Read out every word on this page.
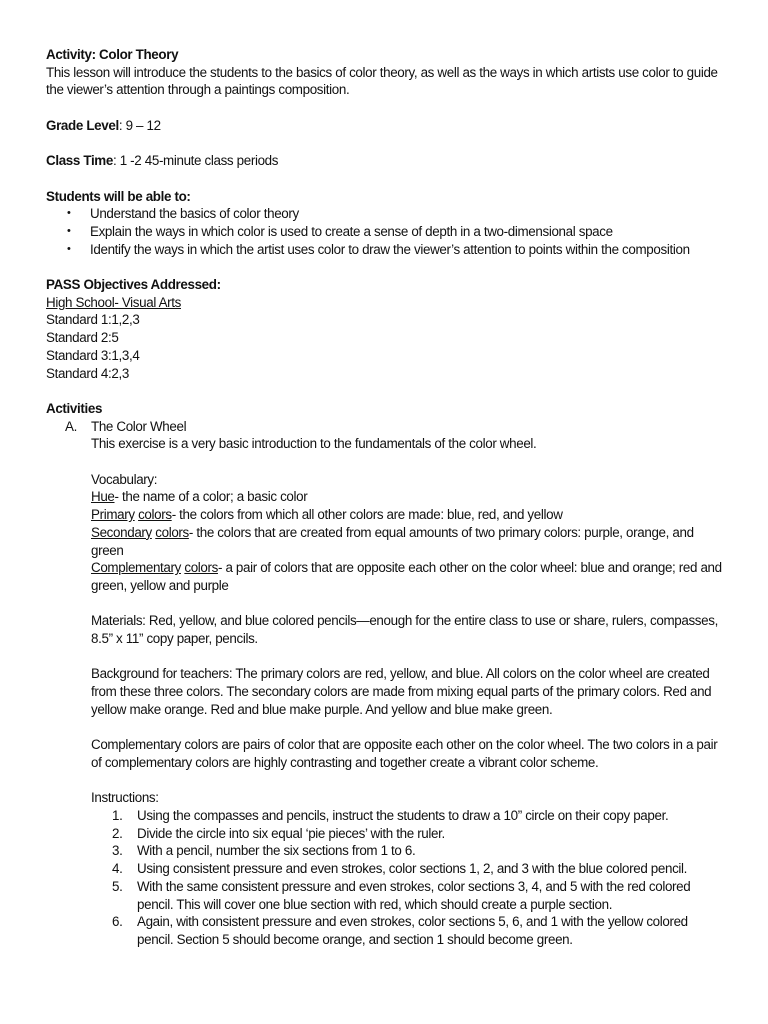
Activity: Color Theory

This lesson will introduce the students to the basics of color theory, as well as the ways in which artists use color to guide the viewer’s attention through a paintings composition.

Grade Level: 9 – 12

Class Time: 1 -2 45-minute class periods

Students will be able to:

• Understand the basics of color theory
• Explain the ways in which color is used to create a sense of depth in a two-dimensional space
• Identify the ways in which the artist uses color to draw the viewer’s attention to points within the composition

PASS Objectives Addressed:

High School- Visual Arts

Standard 1:1,2,3

Standard 2:5

Standard 3:1,3,4

Standard 4:2,3

Activities

A. The Color Wheel

This exercise is a very basic introduction to the fundamentals of the color wheel.

Vocabulary:

Hue- the name of a color; a basic color

Primary colors- the colors from which all other colors are made: blue, red, and yellow

Secondary colors- the colors that are created from equal amounts of two primary colors: purple, orange, and green

Complementary colors- a pair of colors that are opposite each other on the color wheel: blue and orange; red and green, yellow and purple

Materials: Red, yellow, and blue colored pencils—enough for the entire class to use or share, rulers, compasses, 8.5” x 11” copy paper, pencils.

Background for teachers: The primary colors are red, yellow, and blue. All colors on the color wheel are created from these three colors. The secondary colors are made from mixing equal parts of the primary colors. Red and yellow make orange. Red and blue make purple. And yellow and blue make green.

Complementary colors are pairs of color that are opposite each other on the color wheel. The two colors in a pair of complementary colors are highly contrasting and together create a vibrant color scheme.

Instructions:

1. Using the compasses and pencils, instruct the students to draw a 10” circle on their copy paper.
2. Divide the circle into six equal ‘pie pieces’ with the ruler.
3. With a pencil, number the six sections from 1 to 6.
4. Using consistent pressure and even strokes, color sections 1, 2, and 3 with the blue colored pencil.
5. With the same consistent pressure and even strokes, color sections 3, 4, and 5 with the red colored pencil. This will cover one blue section with red, which should create a purple section.
6. Again, with consistent pressure and even strokes, color sections 5, 6, and 1 with the yellow colored pencil. Section 5 should become orange, and section 1 should become green.
